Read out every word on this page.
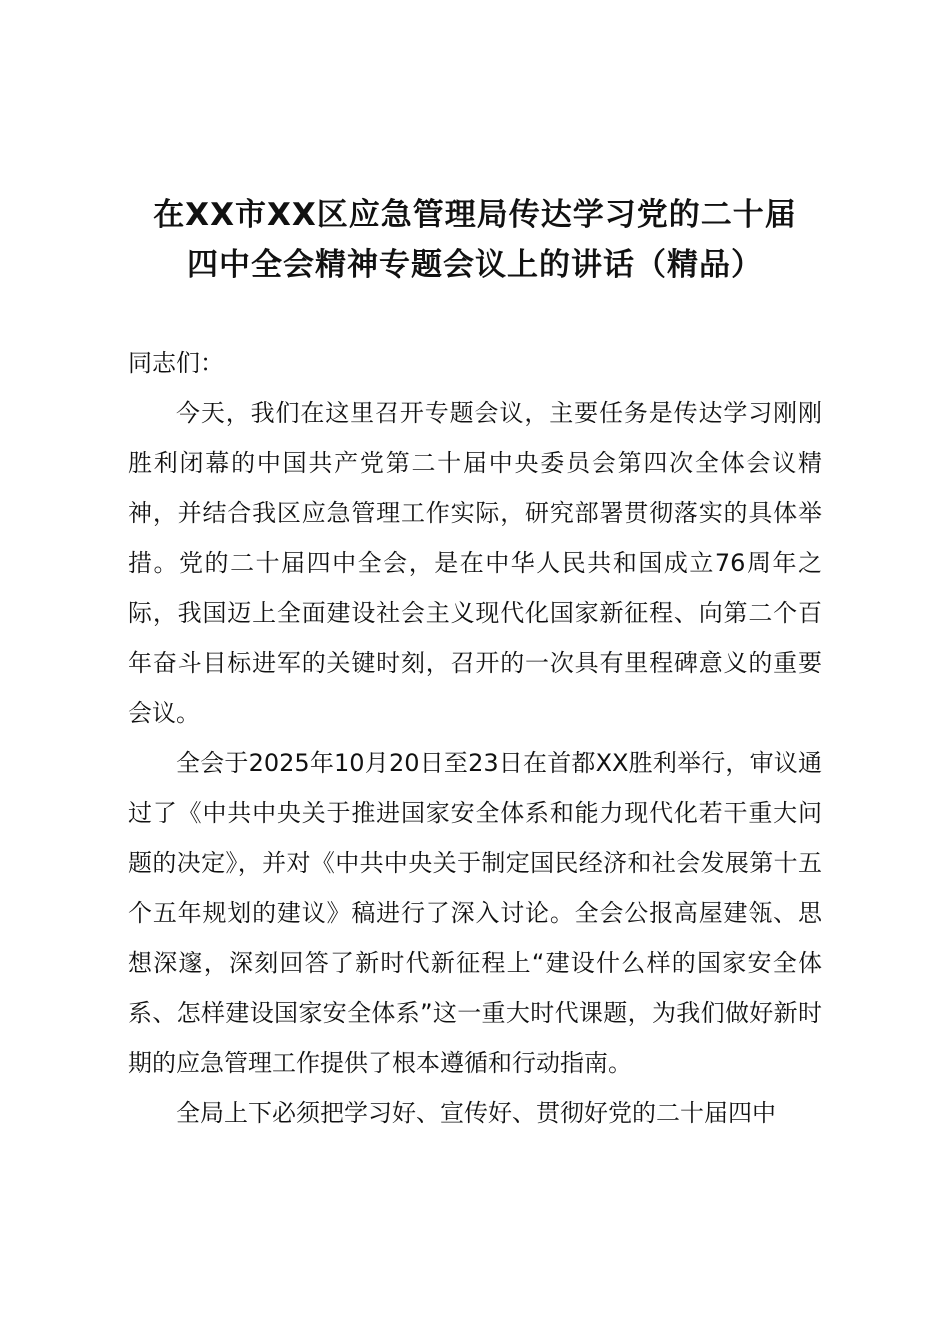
在XX市XX区应急管理局传达学习党的二十届
四中全会精神专题会议上的讲话（精品）

同志们：

今天，我们在这里召开专题会议，主要任务是传达学习刚刚胜利闭幕的中国共产党第二十届中央委员会第四次全体会议精神，并结合我区应急管理工作实际，研究部署贯彻落实的具体举措。党的二十届四中全会，是在中华人民共和国成立76周年之际，我国迈上全面建设社会主义现代化国家新征程、向第二个百年奋斗目标进军的关键时刻，召开的一次具有里程碑意义的重要会议。

全会于2025年10月20日至23日在首都XX胜利举行，审议通过了《中共中央关于推进国家安全体系和能力现代化若干重大问题的决定》，并对《中共中央关于制定国民经济和社会发展第十五个五年规划的建议》稿进行了深入讨论。全会公报高屋建瓴、思想深邃，深刻回答了新时代新征程上“建设什么样的国家安全体系、怎样建设国家安全体系”这一重大时代课题，为我们做好新时期的应急管理工作提供了根本遵循和行动指南。

全局上下必须把学习好、宣传好、贯彻好党的二十届四中
